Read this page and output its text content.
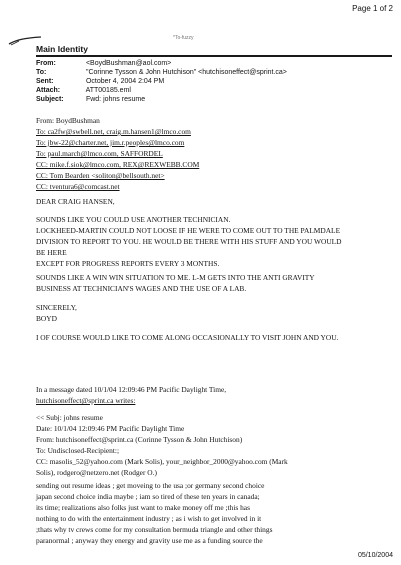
Page 1 of 2
*To-fuzzy
Main Identity
From:	<BoydBushman@aol.com>
To:	"Corinne Tysson & John Hutchison" <hutchisoneffect@sprint.ca>
Sent:	October 4, 2004 2:04 PM
Attach:	ATT00185.eml
Subject:	Fwd: johns resume

From: BoydBushman

To: ca2fw@swbell.net, craig.m.hansen1@lmco.com

To: jbw-22@charter.net, jim.r.peoples@lmco.com

To: paul.march@lmco.com, SAFFORDEL

CC: mike.f.siok@lmco.com, REX@REXWEBB.COM

CC: Tom Bearden <soliton@bellsouth.net>

CC: tventura6@comcast.net

DEAR CRAIG HANSEN,

SOUNDS LIKE YOU COULD USE ANOTHER TECHNICIAN.

LOCKHEED-MARTIN COULD NOT LOOSE IF HE WERE TO COME OUT TO THE PALMDALE

DIVISION TO REPORT TO YOU. HE WOULD BE THERE WITH HIS STUFF AND YOU WOULD

BE HERE

EXCEPT FOR PROGRESS REPORTS EVERY 3 MONTHS.

SOUNDS LIKE A WIN WIN SITUATION TO ME. L-M GETS INTO THE ANTI GRAVITY

BUSINESS AT TECHNICIAN'S WAGES AND THE USE OF A LAB.

SINCERELY,

BOYD

I OF COURSE WOULD LIKE TO COME ALONG OCCASIONALLY TO VISIT JOHN AND YOU.

In a message dated 10/1/04 12:09:46 PM Pacific Daylight Time,

hutchisoneffect@sprint.ca writes:

<< Subj: johns resume

Date: 10/1/04 12:09:46 PM Pacific Daylight Time

From: hutchisoneffect@sprint.ca (Corinne Tysson & John Hutchison)

To: Undisclosed-Recipient:;

CC: masolis_52@yahoo.com (Mark Solis), your_neighbor_2000@yahoo.com (Mark

Solis), rodgero@netzero.net (Rodger O.)

sending out resume ideas ; get moveing to the usa ;or germany second choice

japan second choice india maybe ; iam so tired of these ten years in canada;

its time; realizations also folks just want to make money off me ;this has

nothing to do with the entertainment industry ; as i wish to get involved in it

;thats why tv crews come for my consultation bermuda triangle and other things

paranormal ; anyway they energy and gravity use me as a funding source the

05/10/2004
